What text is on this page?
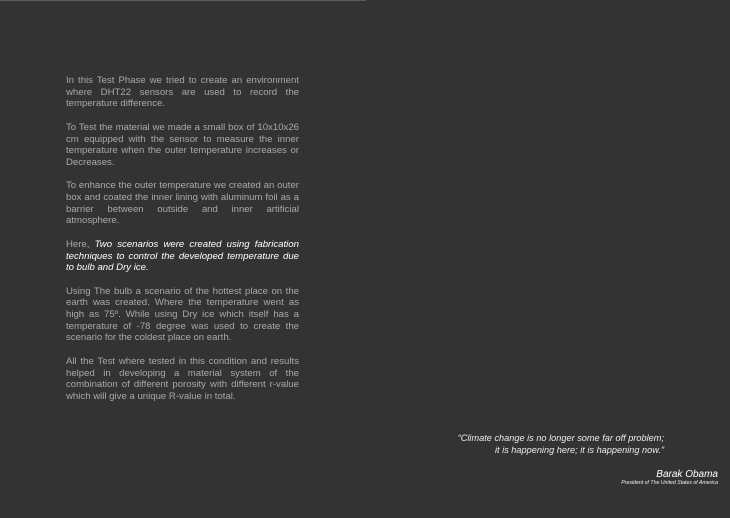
In this Test Phase we tried to create an environment where DHT22 sensors are used to record the temperature difference.

To Test the material we made a small box of 10x10x26 cm equipped with the sensor to measure the inner temperature when the outer temperature increases or Decreases.

To enhance the outer temperature we created an outer box and coated the inner lining with aluminum foil as a barrier between outside and inner artificial atmosphere.

Here, Two scenarios were created using fabrication techniques to control the developed temperature due to bulb and Dry ice.

Using The bulb a scenario of the hottest place on the earth was created. Where the temperature went as high as 75º. While using Dry ice which itself has a temperature of -78 degree was used to create the scenario for the coldest place on earth.

All the Test where tested in this condition and results helped in developing a material system of the combination of different porosity with different r-value which will give a unique R-value in total.

“Climate change is no longer some far off problem;
it is happening here; it is happening now.”
Barak Obama
President of The United States of America
